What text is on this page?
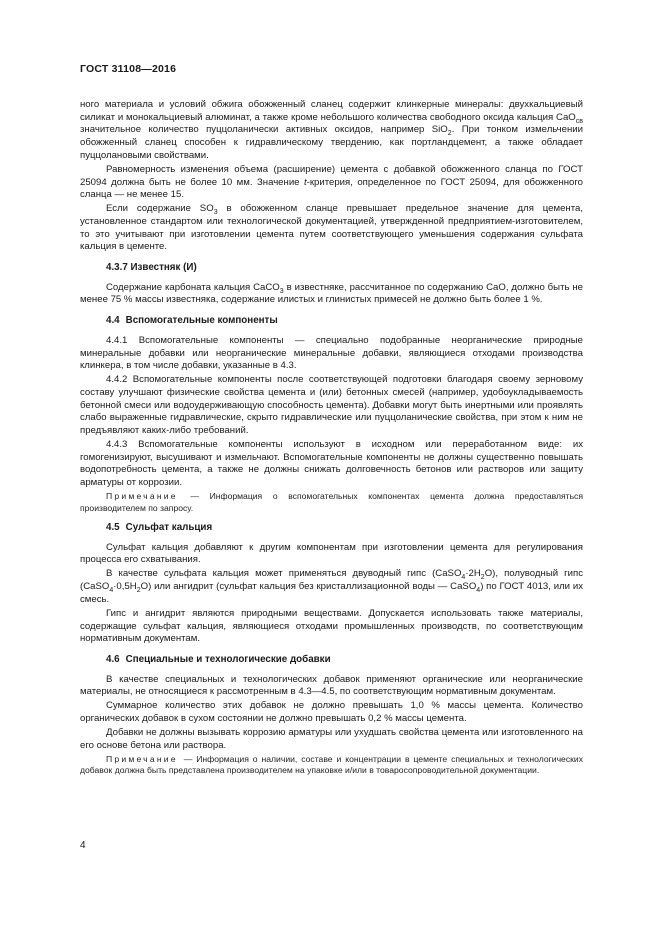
ГОСТ 31108—2016

ного материала и условий обжига обожженный сланец содержит клинкерные минералы: двухкальциевый силикат и монокальциевый алюминат, а также кроме небольшого количества свободного оксида кальция CaO$_{св}$ значительное количество пуццоланически активных оксидов, например SiO$_2$. При тонком измельчении обожженный сланец способен к гидравлическому твердению, как портландцемент, а также обладает пуццолановыми свойствами.

Равномерность изменения объема (расширение) цемента с добавкой обожженного сланца по ГОСТ 25094 должна быть не более 10 мм. Значение t-критерия, определенное по ГОСТ 25094, для обожженного сланца — не менее 15.

Если содержание $SO_3$ в обожженном сланце превышает предельное значение для цемента, установленное стандартом или технологической документацией, утвержденной предприятием-изготовителем, то это учитывают при изготовлении цемента путем соответствующего уменьшения содержания сульфата кальция в цементе.

4.3.7 Известняк (И)

Содержание карбоната кальция CaCO$_3$ в известняке, рассчитанное по содержанию CaO, должно быть не менее 75 % массы известняка, содержание илистых и глинистых примесей не должно быть более 1 %.

4.4 Вспомогательные компоненты

4.4.1 Вспомогательные компоненты — специально подобранные неорганические природные минеральные добавки или неорганические минеральные добавки, являющиеся отходами производства клинкера, в том числе добавки, указанные в 4.3.

4.4.2 Вспомогательные компоненты после соответствующей подготовки благодаря своему зерновому составу улучшают физические свойства цемента и (или) бетонных смесей (например, удобоукладываемость бетонной смеси или водоудерживающую способность цемента). Добавки могут быть инертными или проявлять слабо выраженные гидравлические, скрыто гидравлические или пуццоланические свойства, при этом к ним не предъявляют каких-либо требований.

4.4.3 Вспомогательные компоненты используют в исходном или переработанном виде: их гомогенизируют, высушивают и измельчают. Вспомогательные компоненты не должны существенно повышать водопотребность цемента, а также не должны снижать долговечность бетонов или растворов или защиту арматуры от коррозии.

Примечание — Информация о вспомогательных компонентах цемента должна предоставляться производителем по запросу.

4.5 Сульфат кальция

Сульфат кальция добавляют к другим компонентам при изготовлении цемента для регулирования процесса его схватывания.

В качестве сульфата кальция может применяться двуводный гипс $(CaSO_4\cdot 2H_2O)$, полуводный гипс $(CaSO_4\cdot 0,5H_2O)$ или ангидрит (сульфат кальция без кристаллизационной воды — CaSO$_4$) по ГОСТ 4013, или их смесь.

Гипс и ангидрит являются природными веществами. Допускается использовать также материалы, содержащие сульфат кальция, являющиеся отходами промышленных производств, по соответствующим нормативным документам.

4.6 Специальные и технологические добавки

В качестве специальных и технологических добавок применяют органические или неорганические материалы, не относящиеся к рассмотренным в 4.3—4.5, по соответствующим нормативным документам.

Суммарное количество этих добавок не должно превышать 1,0 % массы цемента. Количество органических добавок в сухом состоянии не должно превышать 0,2 % массы цемента.

Добавки не должны вызывать коррозию арматуры или ухудшать свойства цемента или изготовленного на его основе бетона или раствора.

Примечание — Информация о наличии, составе и концентрации в цементе специальных и технологических добавок должна быть представлена производителем на упаковке и/или в товаросопроводительной документации.

4
